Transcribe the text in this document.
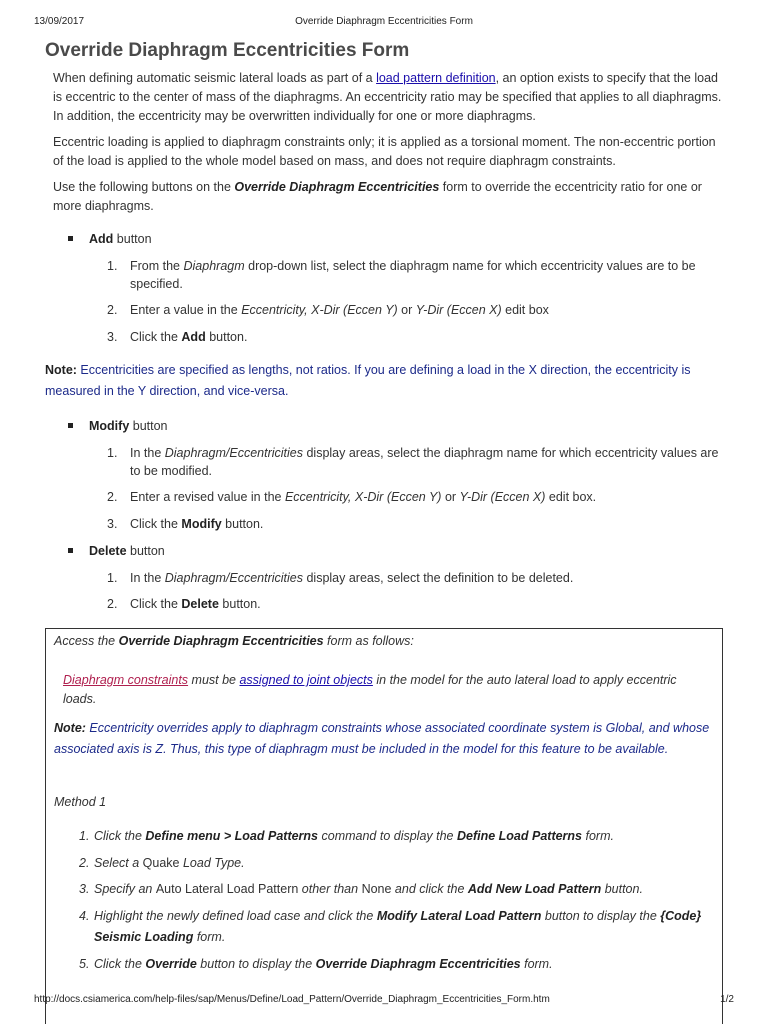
13/09/2017	Override Diaphragm Eccentricities Form
Override Diaphragm Eccentricities Form

When defining automatic seismic lateral loads as part of a load pattern definition, an option exists to specify that the load is eccentric to the center of mass of the diaphragms. An eccentricity ratio may be specified that applies to all diaphragms. In addition, the eccentricity may be overwritten individually for one or more diaphragms.

Eccentric loading is applied to diaphragm constraints only; it is applied as a torsional moment. The non-eccentric portion of the load is applied to the whole model based on mass, and does not require diaphragm constraints.

Use the following buttons on the Override Diaphragm Eccentricities form to override the eccentricity ratio for one or more diaphragms.

Add button
1.	From the Diaphragm drop-down list, select the diaphragm name for which eccentricity values are to be specified.
2.	Enter a value in the Eccentricity, X-Dir (Eccen Y) or Y-Dir (Eccen X) edit box
3.	Click the Add button.

Note: Eccentricities are specified as lengths, not ratios. If you are defining a load in the X direction, the eccentricity is measured in the Y direction, and vice-versa.

Modify button
1.	In the Diaphragm/Eccentricities display areas, select the diaphragm name for which eccentricity values are to be modified.
2.	Enter a revised value in the Eccentricity, X-Dir (Eccen Y) or Y-Dir (Eccen X) edit box.
3.	Click the Modify button.
Delete button
1.	In the Diaphragm/Eccentricities display areas, select the definition to be deleted.
2.	Click the Delete button.

Access the Override Diaphragm Eccentricities form as follows:

Diaphragm constraints must be assigned to joint objects in the model for the auto lateral load to apply eccentric loads.

Note: Eccentricity overrides apply to diaphragm constraints whose associated coordinate system is Global, and whose associated axis is Z. Thus, this type of diaphragm must be included in the model for this feature to be available.

Method 1

1. Click the Define menu > Load Patterns command to display the Define Load Patterns form.
2. Select a Quake Load Type.
3. Specify an Auto Lateral Load Pattern other than None and click the Add New Load Pattern button.
4. Highlight the newly defined load case and click the Modify Lateral Load Pattern button to display the {Code} Seismic Loading form.
5. Click the Override button to display the Override Diaphragm Eccentricities form.
http://docs.csiamerica.com/help-files/sap/Menus/Define/Load_Pattern/Override_Diaphragm_Eccentricities_Form.htm	1/2
